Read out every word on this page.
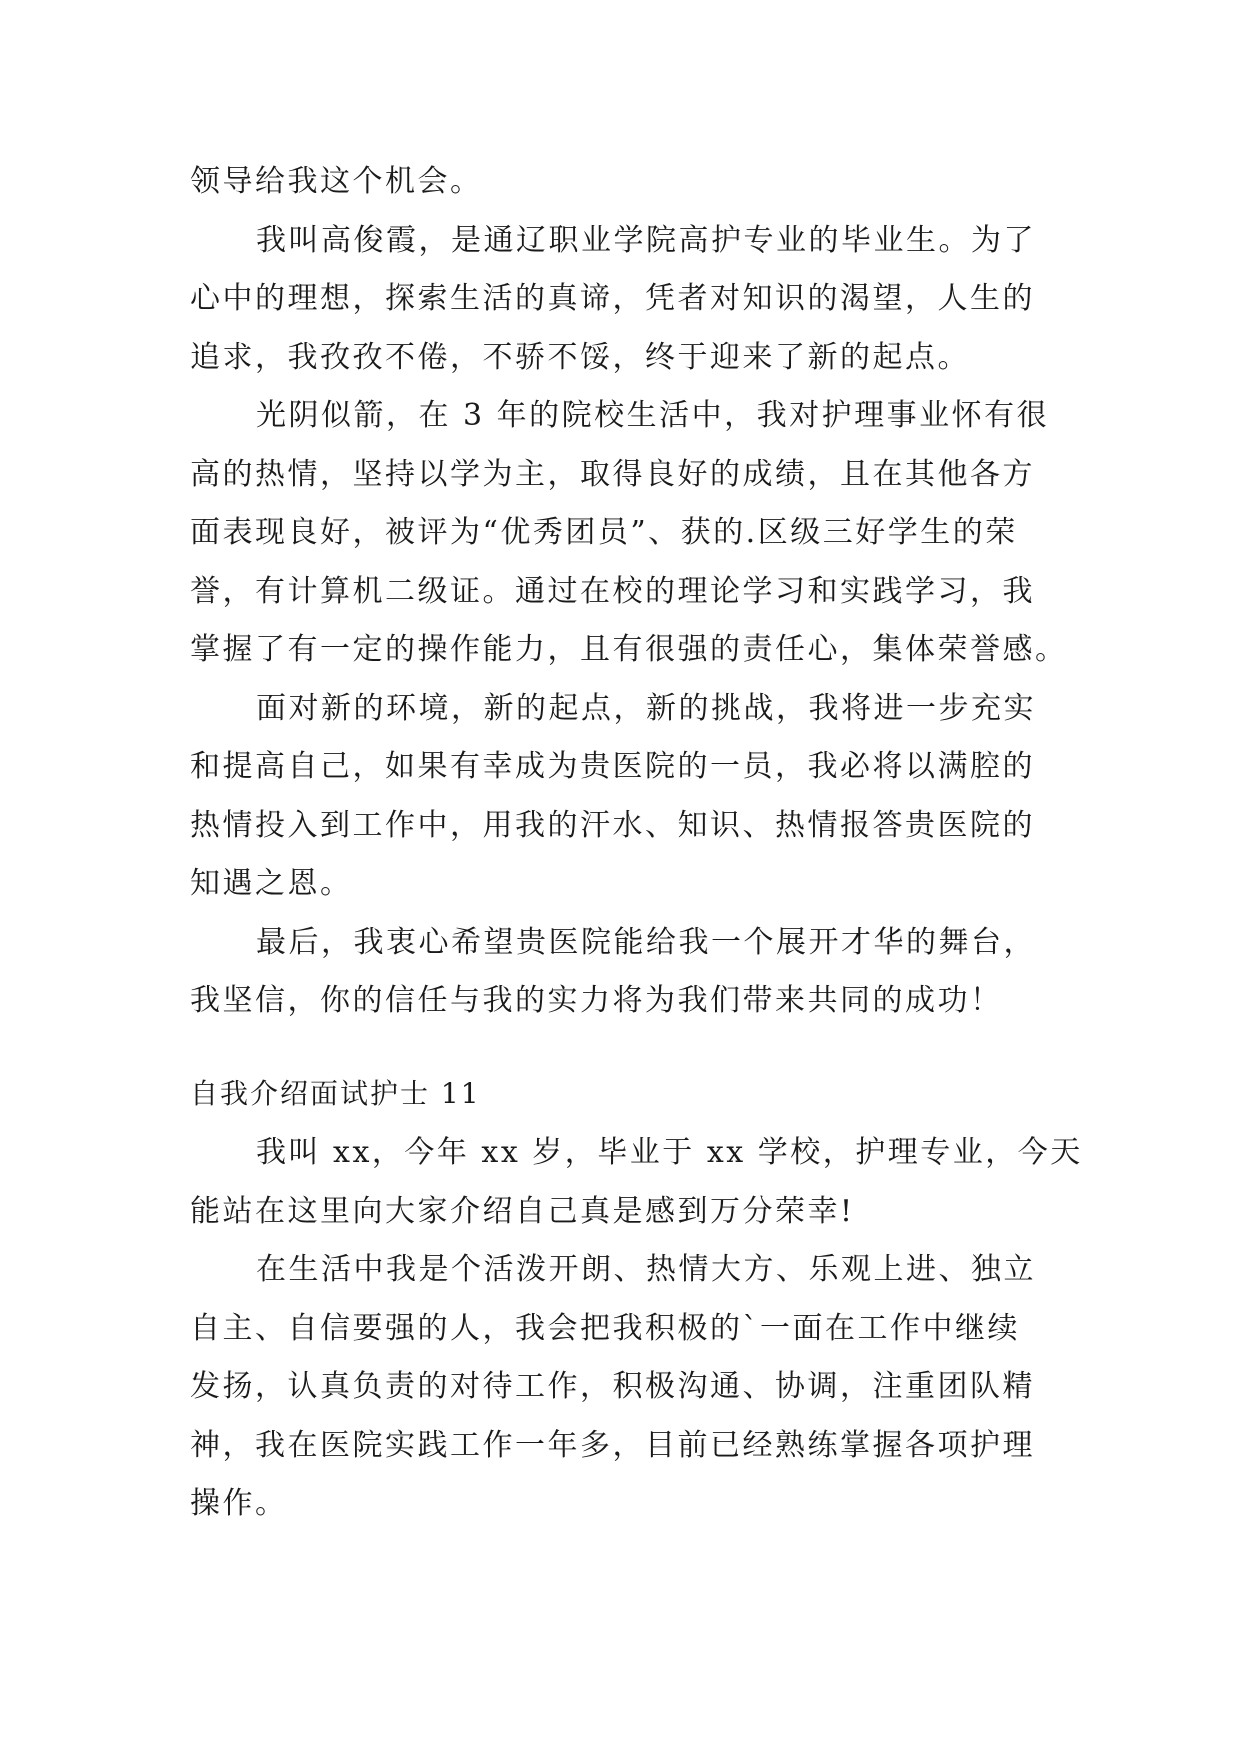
领导给我这个机会。
我叫高俊霞，是通辽职业学院高护专业的毕业生。为了
心中的理想，探索生活的真谛，凭者对知识的渴望，人生的
追求，我孜孜不倦，不骄不馁，终于迎来了新的起点。
光阴似箭，在 3 年的院校生活中，我对护理事业怀有很
高的热情，坚持以学为主，取得良好的成绩，且在其他各方
面表现良好，被评为“优秀团员”、获的.区级三好学生的荣
誉，有计算机二级证。通过在校的理论学习和实践学习，我
掌握了有一定的操作能力，且有很强的责任心，集体荣誉感。
面对新的环境，新的起点，新的挑战，我将进一步充实
和提高自己，如果有幸成为贵医院的一员，我必将以满腔的
热情投入到工作中，用我的汗水、知识、热情报答贵医院的
知遇之恩。
最后，我衷心希望贵医院能给我一个展开才华的舞台，
我坚信，你的信任与我的实力将为我们带来共同的成功！
自我介绍面试护士 11
我叫 xx，今年 xx 岁，毕业于 xx 学校，护理专业，今天
能站在这里向大家介绍自己真是感到万分荣幸!
在生活中我是个活泼开朗、热情大方、乐观上进、独立
自主、自信要强的人，我会把我积极的`一面在工作中继续
发扬，认真负责的对待工作，积极沟通、协调，注重团队精
神，我在医院实践工作一年多，目前已经熟练掌握各项护理
操作。
